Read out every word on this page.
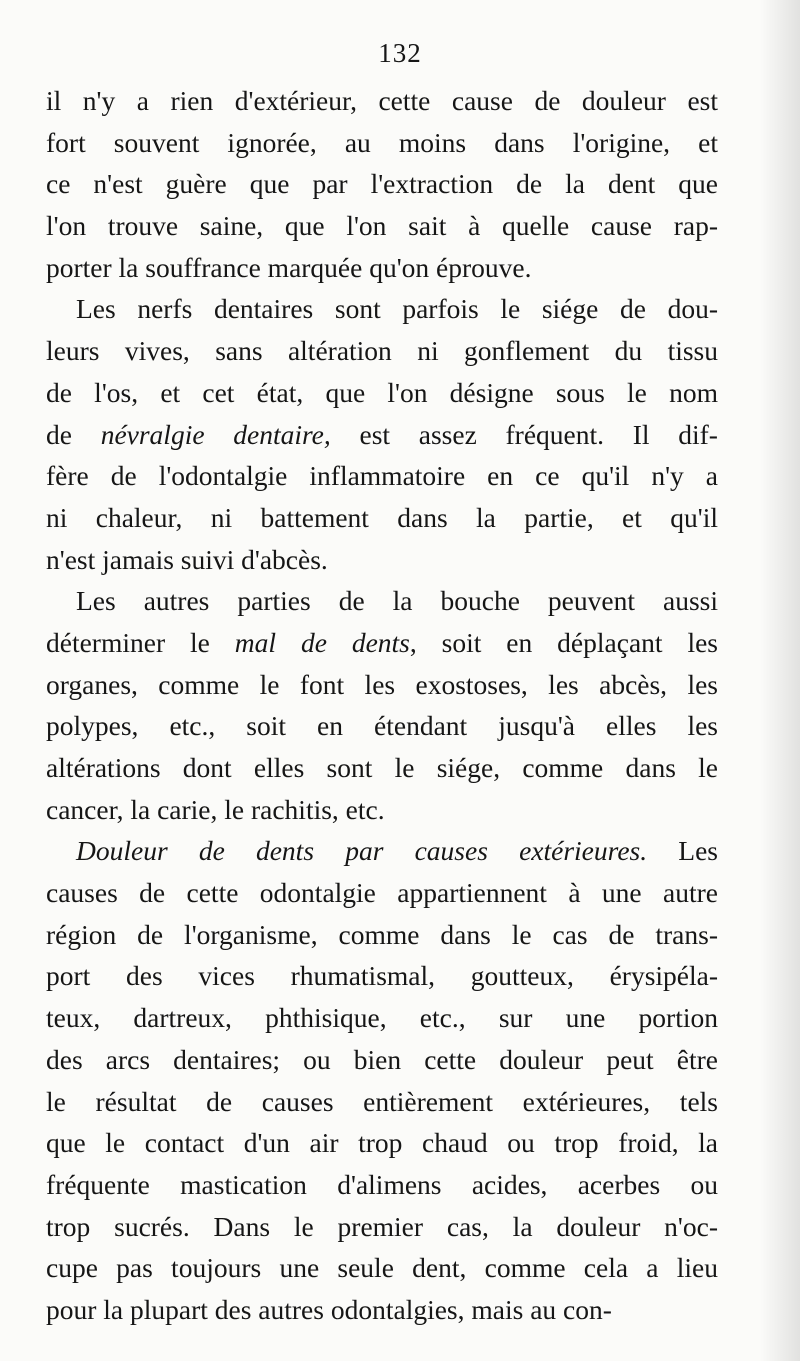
132
il n'y a rien d'extérieur, cette cause de douleur est
fort souvent ignorée, au moins dans l'origine, et
ce n'est guère que par l'extraction de la dent que
l'on trouve saine, que l'on sait à quelle cause rap-
porter la souffrance marquée qu'on éprouve.
Les nerfs dentaires sont parfois le siége de dou-
leurs vives, sans altération ni gonflement du tissu
de l'os, et cet état, que l'on désigne sous le nom
de névralgie dentaire, est assez fréquent. Il dif-
fère de l'odontalgie inflammatoire en ce qu'il n'y a
ni chaleur, ni battement dans la partie, et qu'il
n'est jamais suivi d'abcès.
Les autres parties de la bouche peuvent aussi
déterminer le mal de dents, soit en déplaçant les
organes, comme le font les exostoses, les abcès, les
polypes, etc., soit en étendant jusqu'à elles les
altérations dont elles sont le siége, comme dans le
cancer, la carie, le rachitis, etc.
Douleur de dents par causes extérieures. Les
causes de cette odontalgie appartiennent à une autre
région de l'organisme, comme dans le cas de trans-
port des vices rhumatismal, goutteux, érysipéla-
teux, dartreux, phthisique, etc., sur une portion
des arcs dentaires; ou bien cette douleur peut être
le résultat de causes entièrement extérieures, tels
que le contact d'un air trop chaud ou trop froid, la
fréquente mastication d'alimens acides, acerbes ou
trop sucrés. Dans le premier cas, la douleur n'oc-
cupe pas toujours une seule dent, comme cela a lieu
pour la plupart des autres odontalgies, mais au con-
